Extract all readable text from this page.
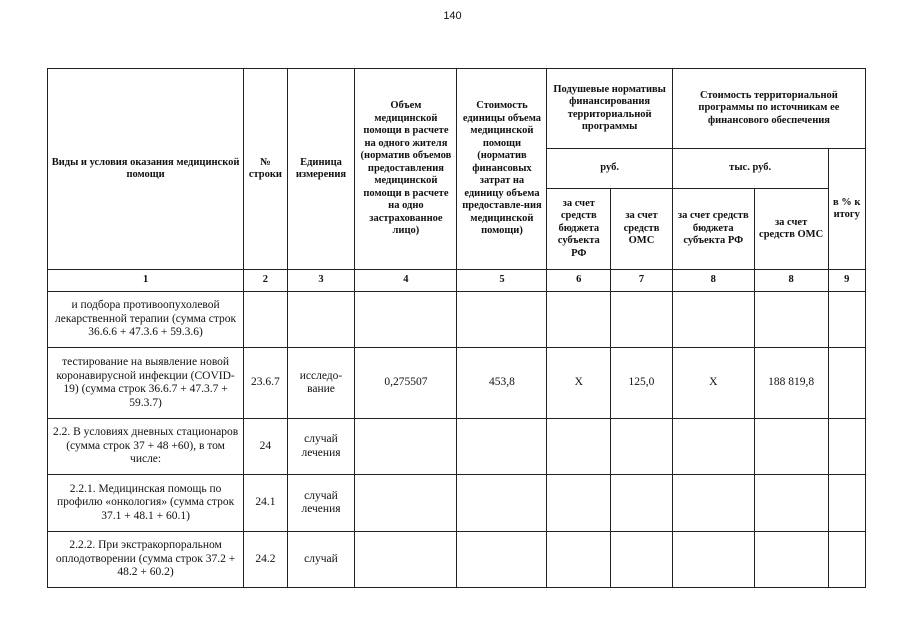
140
Виды и условия оказания медицинской помощи	№ строки	Единица измерения	Объем медицинской помощи в расчете на одного жителя (норматив объемов предоставления медицинской помощи в расчете на одно застрахованное лицо)	Стоимость единицы объема медицинской помощи (норматив финансовых затрат на единицу объема предоставле-ния медицинской помощи)	Подушевые нормативы финансирования территориальной программы		Стоимость территориальной программы по источникам ее финансового обеспечения		
					руб.		тыс. руб.		в % к итогу
					за счет средств бюджета субъекта РФ	за счет средств ОМС	за счет средств бюджета субъекта РФ	за счет средств ОМС	
1	2	3	4	5	6	7	8	8	9
и подбора противоопухолевой лекарственной терапии (сумма строк 36.6.6 + 47.3.6 + 59.3.6)									
тестирование на выявление новой коронавирусной инфекции (COVID-19) (сумма строк 36.6.7 + 47.3.7 + 59.3.7)	23.6.7	исследо-вание	0,275507	453,8	Х	125,0	Х	188 819,8	
2.2. В условиях дневных стационаров (сумма строк 37 + 48 +60), в том числе:	24	случай лечения							
2.2.1. Медицинская помощь по профилю «онкология» (сумма строк 37.1 + 48.1 + 60.1)	24.1	случай лечения							
2.2.2. При экстракорпоральном оплодотворении (сумма строк 37.2 + 48.2 + 60.2)	24.2	случай							
